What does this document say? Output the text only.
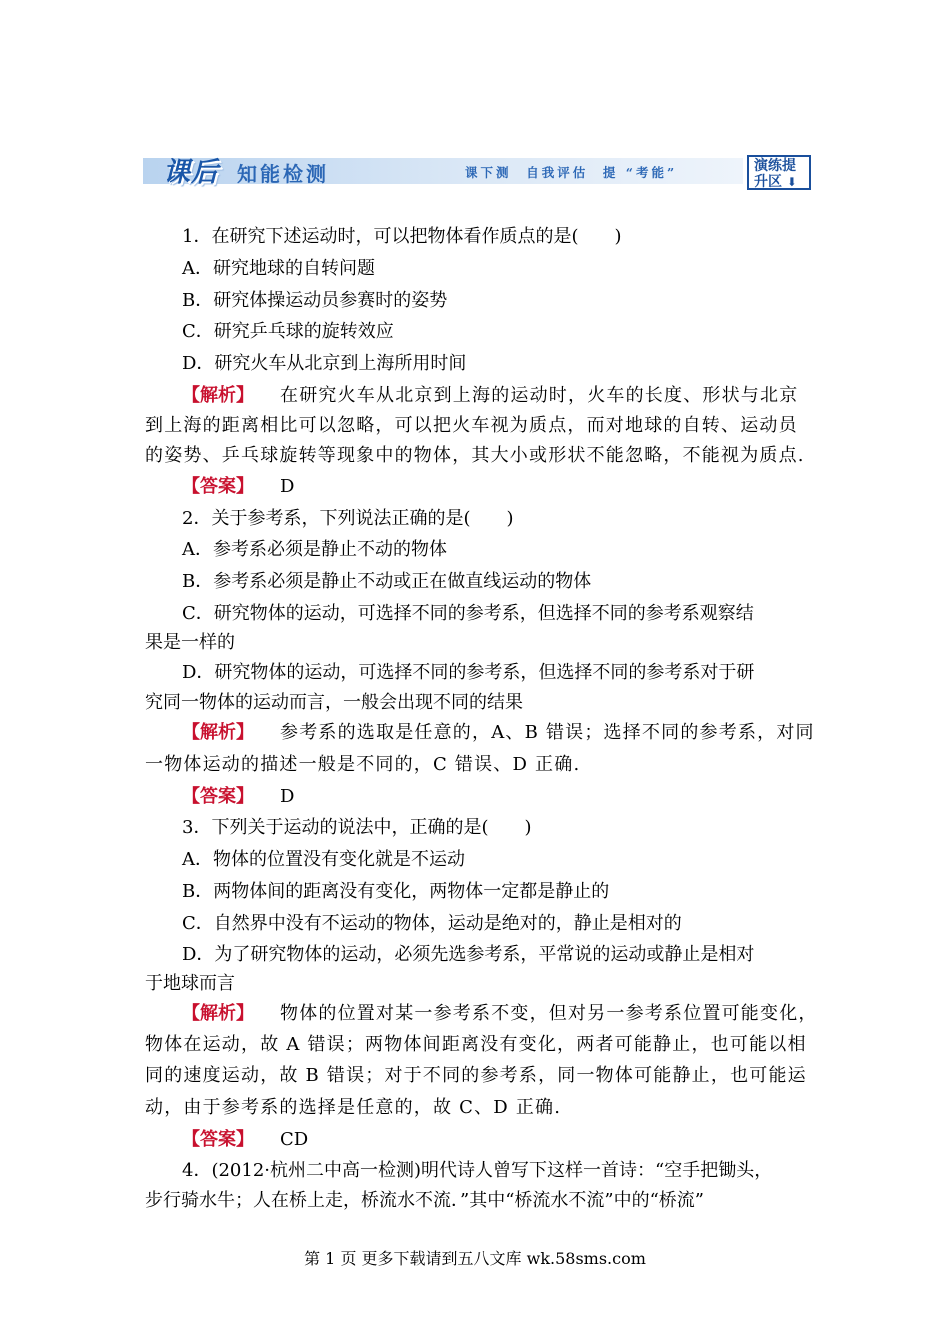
课后 知能检测	课下测  自我评估  提 “考能”	演练提
升区 ⬇
1．在研究下述运动时，可以把物体看作质点的是(　　)
A．研究地球的自转问题
B．研究体操运动员参赛时的姿势
C．研究乒乓球的旋转效应
D．研究火车从北京到上海所用时间
【解析】 在研究火车从北京到上海的运动时，火车的长度、形状与北京
到上海的距离相比可以忽略，可以把火车视为质点，而对地球的自转、运动员
的姿势、乒乓球旋转等现象中的物体，其大小或形状不能忽略，不能视为质点.
【答案】 D
2．关于参考系，下列说法正确的是(　　)
A．参考系必须是静止不动的物体
B．参考系必须是静止不动或正在做直线运动的物体
C．研究物体的运动，可选择不同的参考系，但选择不同的参考系观察结
果是一样的
D．研究物体的运动，可选择不同的参考系，但选择不同的参考系对于研
究同一物体的运动而言，一般会出现不同的结果
【解析】 参考系的选取是任意的，A、B 错误；选择不同的参考系，对同
一物体运动的描述一般是不同的，C 错误、D 正确.
【答案】 D
3．下列关于运动的说法中，正确的是(　　)
A．物体的位置没有变化就是不运动
B．两物体间的距离没有变化，两物体一定都是静止的
C．自然界中没有不运动的物体，运动是绝对的，静止是相对的
D．为了研究物体的运动，必须先选参考系，平常说的运动或静止是相对
于地球而言
【解析】 物体的位置对某一参考系不变，但对另一参考系位置可能变化，
物体在运动，故 A 错误；两物体间距离没有变化，两者可能静止，也可能以相
同的速度运动，故 B 错误；对于不同的参考系，同一物体可能静止，也可能运
动，由于参考系的选择是任意的，故 C、D 正确.
【答案】 CD
4．(2012·杭州二中高一检测)明代诗人曾写下这样一首诗：“空手把锄头，
步行骑水牛；人在桥上走，桥流水不流．”其中“桥流水不流”中的“桥流”
第 1 页 更多下载请到五八文库 wk.58sms.com
